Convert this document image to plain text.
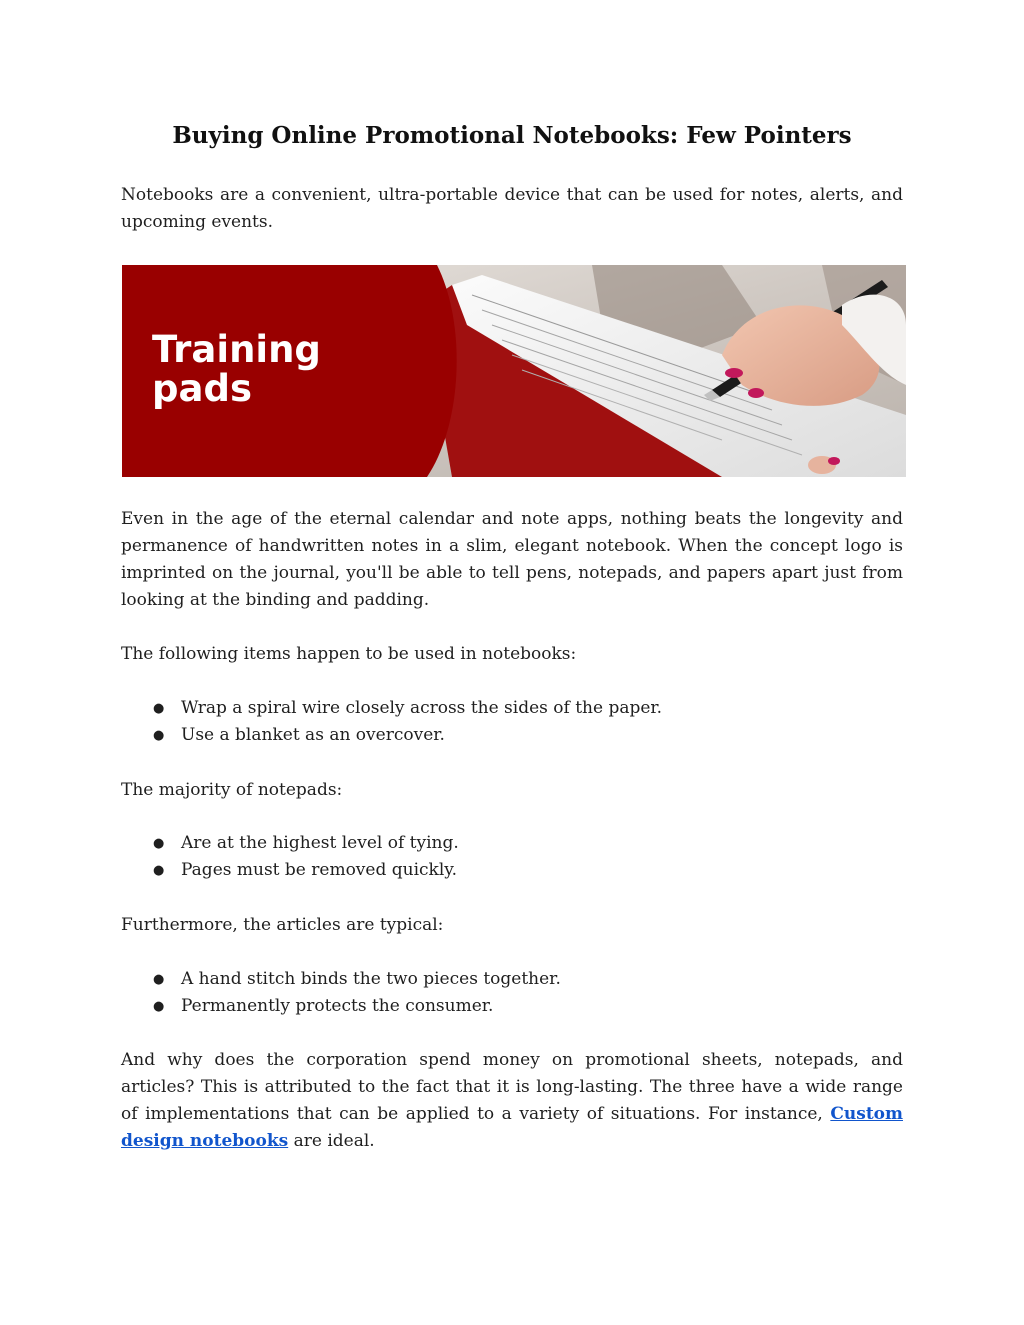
Buying Online Promotional Notebooks: Few Pointers

Notebooks are a convenient, ultra-portable device that can be used for notes, alerts, and upcoming events.

Training
pads

Even in the age of the eternal calendar and note apps, nothing beats the longevity and permanence of handwritten notes in a slim, elegant notebook. When the concept logo is imprinted on the journal, you'll be able to tell pens, notepads, and papers apart just from looking at the binding and padding.

The following items happen to be used in notebooks:

● Wrap a spiral wire closely across the sides of the paper.
● Use a blanket as an overcover.

The majority of notepads:

● Are at the highest level of tying.
● Pages must be removed quickly.

Furthermore, the articles are typical:

● A hand stitch binds the two pieces together.
● Permanently protects the consumer.

And why does the corporation spend money on promotional sheets, notepads, and articles? This is attributed to the fact that it is long-lasting. The three have a wide range of implementations that can be applied to a variety of situations. For instance, Custom design notebooks are ideal.
